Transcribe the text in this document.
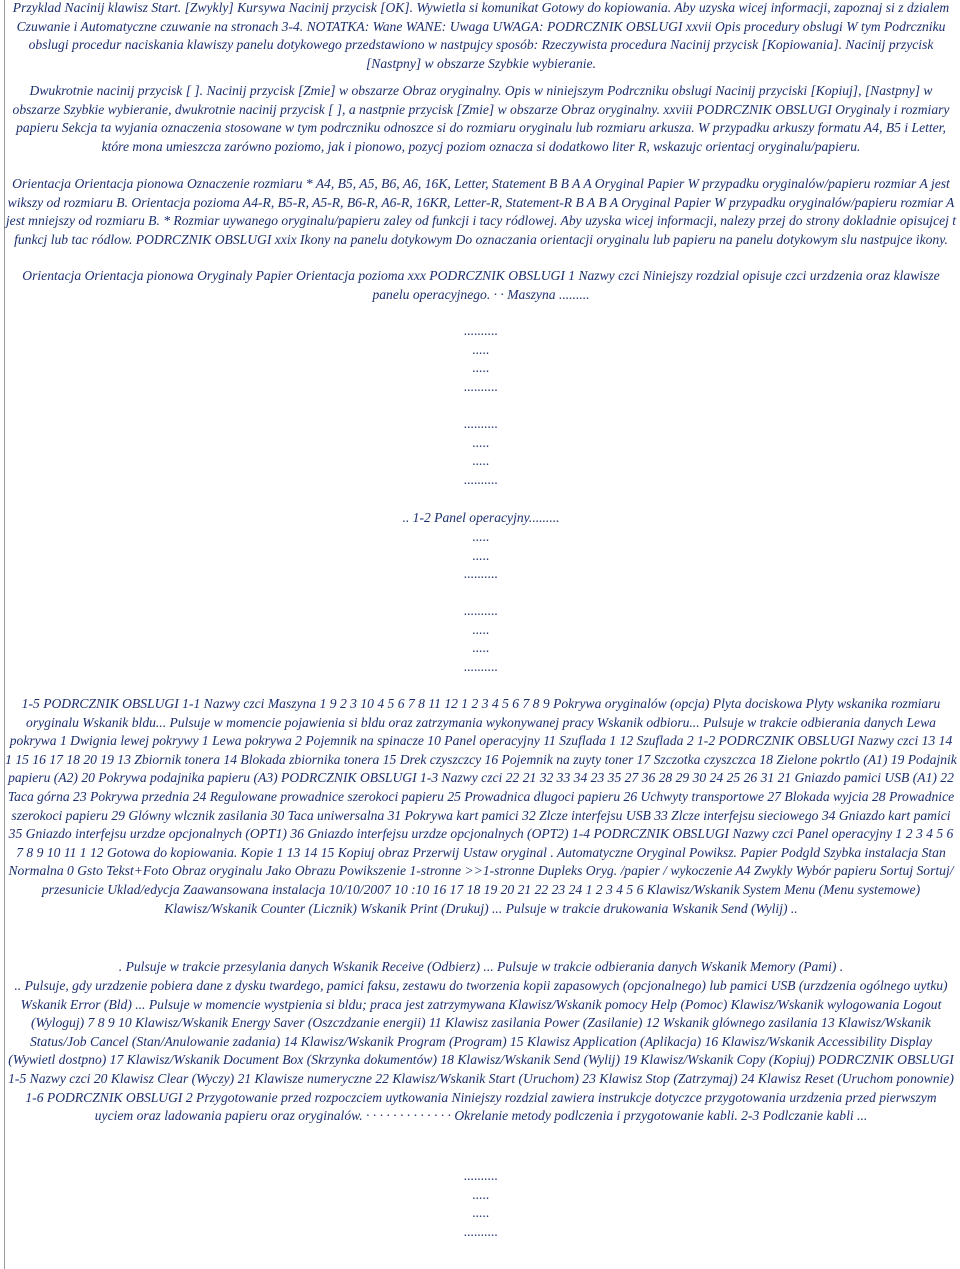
Przyklad Nacinij klawisz Start. [Zwykly] Kursywa Nacinij przycisk [OK]. Wywietla si komunikat Gotowy do kopiowania. Aby uzyska wicej informacji, zapoznaj si z dzialem Czuwanie i Automatyczne czuwanie na stronach 3-4. NOTATKA: Wane WANE: Uwaga UWAGA: PODRCZNIK OBSLUGI xxvii Opis procedury obslugi W tym Podrczniku obslugi procedur naciskania klawiszy panelu dotykowego przedstawiono w nastpujcy sposób: Rzeczywista procedura Nacinij przycisk [Kopiowania]. Nacinij przycisk [Nastpny] w obszarze Szybkie wybieranie.

Dwukrotnie nacinij przycisk [ ]. Nacinij przycisk [Zmie] w obszarze Obraz oryginalny. Opis w niniejszym Podrczniku obslugi Nacinij przyciski [Kopiuj], [Nastpny] w obszarze Szybkie wybieranie, dwukrotnie nacinij przycisk [ ], a nastpnie przycisk [Zmie] w obszarze Obraz oryginalny. xxviii PODRCZNIK OBSLUGI Oryginaly i rozmiary papieru Sekcja ta wyjania oznaczenia stosowane w tym podrczniku odnoszce si do rozmiaru oryginalu lub rozmiaru arkusza. W przypadku arkuszy formatu A4, B5 i Letter, które mona umieszcza zarówno poziomo, jak i pionowo, pozycj poziom oznacza si dodatkowo liter R, wskazujc orientacj oryginalu/papieru.

Orientacja Orientacja pionowa Oznaczenie rozmiaru * A4, B5, A5, B6, A6, 16K, Letter, Statement B B A A Oryginal Papier W przypadku oryginalów/papieru rozmiar A jest wikszy od rozmiaru B. Orientacja pozioma A4-R, B5-R, A5-R, B6-R, A6-R, 16KR, Letter-R, Statement-R B A B A Oryginal Papier W przypadku oryginalów/papieru rozmiar A jest mniejszy od rozmiaru B. * Rozmiar uywanego oryginalu/papieru zaley od funkcji i tacy ródlowej. Aby uzyska wicej informacji, nalezy przej do strony dokladnie opisujcej t funkcj lub tac ródlow. PODRCZNIK OBSLUGI xxix Ikony na panelu dotykowym Do oznaczania orientacji oryginalu lub papieru na panelu dotykowym slu nastpujce ikony.

Orientacja Orientacja pionowa Oryginaly Papier Orientacja pozioma xxx PODRCZNIK OBSLUGI 1 Nazwy czci Niniejszy rozdzial opisuje czci urzdzenia oraz klawisze panelu operacyjnego. · · Maszyna .........

..........
.....
.....
..........
..........
.....
.....
..........

.. 1-2 Panel operacyjny.........

.....
.....
..........
..........
.....
.....
..........

1-5 PODRCZNIK OBSLUGI 1-1 Nazwy czci Maszyna 1 9 2 3 10 4 5 6 7 8 11 12 1 2 3 4 5 6 7 8 9 Pokrywa oryginalów (opcja) Plyta dociskowa Plyty wskanika rozmiaru oryginalu Wskanik bldu... Pulsuje w momencie pojawienia si bldu oraz zatrzymania wykonywanej pracy Wskanik odbioru... Pulsuje w trakcie odbierania danych Lewa pokrywa 1 Dwignia lewej pokrywy 1 Lewa pokrywa 2 Pojemnik na spinacze 10 Panel operacyjny 11 Szuflada 1 12 Szuflada 2 1-2 PODRCZNIK OBSLUGI Nazwy czci 13 14 1 15 16 17 18 20 19 13 Zbiornik tonera 14 Blokada zbiornika tonera 15 Drek czyszczcy 16 Pojemnik na zuyty toner 17 Szczotka czyszczca 18 Zielone pokrtlo (A1) 19 Podajnik papieru (A2) 20 Pokrywa podajnika papieru (A3) PODRCZNIK OBSLUGI 1-3 Nazwy czci 22 21 32 33 34 23 35 27 36 28 29 30 24 25 26 31 21 Gniazdo pamici USB (A1) 22 Taca górna 23 Pokrywa przednia 24 Regulowane prowadnice szerokoci papieru 25 Prowadnica dlugoci papieru 26 Uchwyty transportowe 27 Blokada wyjcia 28 Prowadnice szerokoci papieru 29 Glówny wlcznik zasilania 30 Taca uniwersalna 31 Pokrywa kart pamici 32 Zlcze interfejsu USB 33 Zlcze interfejsu sieciowego 34 Gniazdo kart pamici 35 Gniazdo interfejsu urzdze opcjonalnych (OPT1) 36 Gniazdo interfejsu urzdze opcjonalnych (OPT2) 1-4 PODRCZNIK OBSLUGI Nazwy czci Panel operacyjny 1 2 3 4 5 6 7 8 9 10 11 1 12 Gotowa do kopiowania. Kopie 1 13 14 15 Kopiuj obraz Przerwij Ustaw oryginal . Automatyczne Oryginal Powiksz. Papier Podgld Szybka instalacja Stan Normalna 0 Gsto Tekst+Foto Obraz oryginalu Jako Obrazu Powikszenie 1-stronne >>1-stronne Dupleks Oryg. /papier / wykoczenie A4 Zwykly Wybór papieru Sortuj Sortuj/ przesunicie Uklad/edycja Zaawansowana instalacja 10/10/2007 10 :10 16 17 18 19 20 21 22 23 24 1 2 3 4 5 6 Klawisz/Wskanik System Menu (Menu systemowe) Klawisz/Wskanik Counter (Licznik) Wskanik Print (Drukuj) ... Pulsuje w trakcie drukowania Wskanik Send (Wylij) ..

. Pulsuje w trakcie przesylania danych Wskanik Receive (Odbierz) ... Pulsuje w trakcie odbierania danych Wskanik Memory (Pami) .

.. Pulsuje, gdy urzdzenie pobiera dane z dysku twardego, pamici faksu, zestawu do tworzenia kopii zapasowych (opcjonalnego) lub pamici USB (urzdzenia ogólnego uytku) Wskanik Error (Bld) ... Pulsuje w momencie wystpienia si bldu; praca jest zatrzymywana Klawisz/Wskanik pomocy Help (Pomoc) Klawisz/Wskanik wylogowania Logout (Wyloguj) 7 8 9 10 Klawisz/Wskanik Energy Saver (Oszczdzanie energii) 11 Klawisz zasilania Power (Zasilanie) 12 Wskanik glównego zasilania 13 Klawisz/Wskanik Status/Job Cancel (Stan/Anulowanie zadania) 14 Klawisz/Wskanik Program (Program) 15 Klawisz Application (Aplikacja) 16 Klawisz/Wskanik Accessibility Display (Wywietl dostpno) 17 Klawisz/Wskanik Document Box (Skrzynka dokumentów) 18 Klawisz/Wskanik Send (Wylij) 19 Klawisz/Wskanik Copy (Kopiuj) PODRCZNIK OBSLUGI 1-5 Nazwy czci 20 Klawisz Clear (Wyczy) 21 Klawisze numeryczne 22 Klawisz/Wskanik Start (Uruchom) 23 Klawisz Stop (Zatrzymaj) 24 Klawisz Reset (Uruchom ponownie) 1-6 PODRCZNIK OBSLUGI 2 Przygotowanie przed rozpoczciem uytkowania Niniejszy rozdzial zawiera instrukcje dotyczce przygotowania urzdzenia przed pierwszym uyciem oraz ladowania papieru oraz oryginalów. · · · · · · · · · · · · · Okrelanie metody podlczenia i przygotowanie kabli. 2-3 Podlczanie kabli ...

..........
.....
.....
..........
